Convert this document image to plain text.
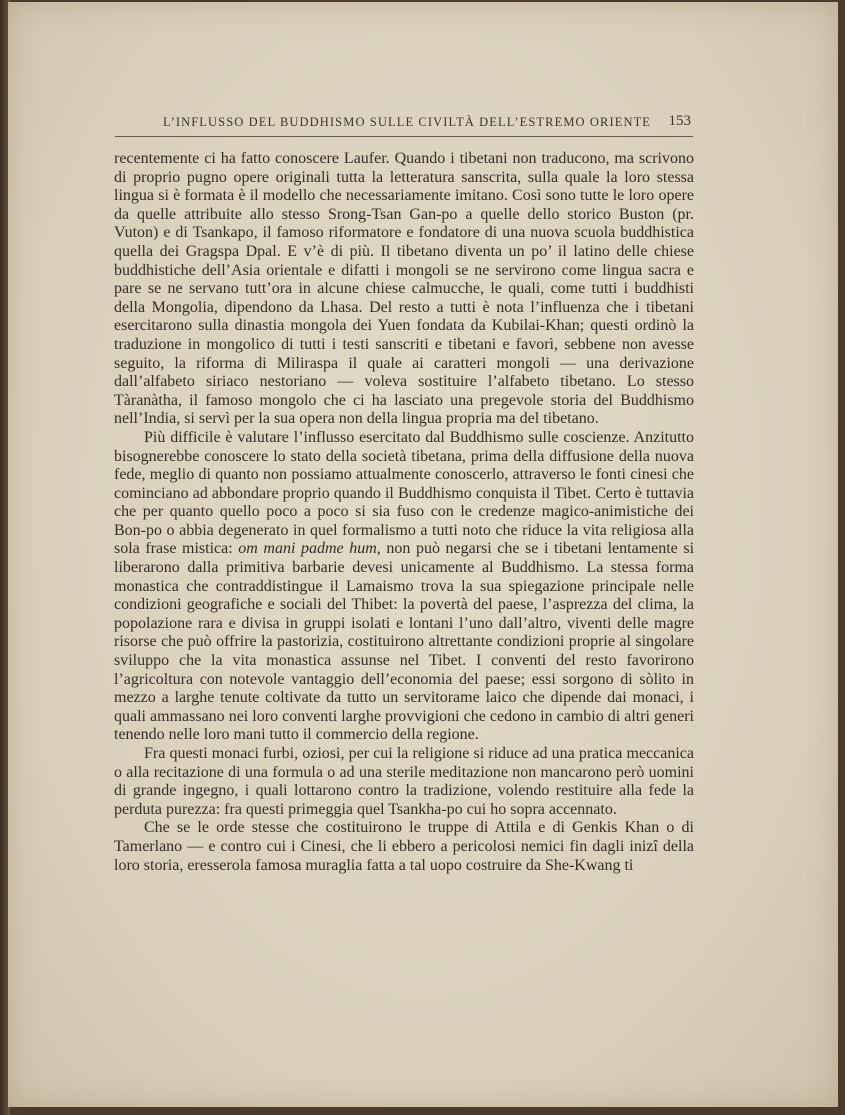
L’INFLUSSO DEL BUDDHISMO SULLE CIVILTÀ DELL’ESTREMO ORIENTE 153

recentemente ci ha fatto conoscere Laufer. Quando i tibetani non traducono, ma scrivono di proprio pugno opere originali tutta la letteratura sanscrita, sulla quale la loro stessa lingua si è formata è il modello che necessariamente imitano. Così sono tutte le loro opere da quelle attribuite allo stesso Srong-Tsan Gan-po a quelle dello storico Buston (pr. Vuton) e di Tsankapo, il famoso riformatore e fondatore di una nuova scuola buddhistica quella dei Gragspa Dpal. E v’è di più. Il tibetano diventa un po’ il latino delle chiese buddhistiche dell’Asia orientale e difatti i mongoli se ne servirono come lingua sacra e pare se ne servano tutt’ora in alcune chiese calmucche, le quali, come tutti i buddhisti della Mongolia, dipendono da Lhasa. Del resto a tutti è nota l’influenza che i tibetani esercitarono sulla dinastia mongola dei Yuen fondata da Kubilai-Khan; questi ordinò la traduzione in mongolico di tutti i testi sanscriti e tibetani e favorì, sebbene non avesse seguito, la riforma di Miliraspa il quale ai caratteri mongoli — una derivazione dall’alfabeto siriaco nestoriano — voleva sostituire l’alfabeto tibetano. Lo stesso Tàranàtha, il famoso mongolo che ci ha lasciato una pregevole storia del Buddhismo nell’India, si servì per la sua opera non della lingua propria ma del tibetano.

Più difficile è valutare l’influsso esercitato dal Buddhismo sulle coscienze. Anzitutto bisognerebbe conoscere lo stato della società tibetana, prima della diffusione della nuova fede, meglio di quanto non possiamo attualmente conoscerlo, attraverso le fonti cinesi che cominciano ad abbondare proprio quando il Buddhismo conquista il Tibet. Certo è tuttavia che per quanto quello poco a poco si sia fuso con le credenze magico-animistiche dei Bon-po o abbia degenerato in quel formalismo a tutti noto che riduce la vita religiosa alla sola frase mistica: om mani padme hum, non può negarsi che se i tibetani lentamente si liberarono dalla primitiva barbarie devesi unicamente al Buddhismo. La stessa forma monastica che contraddistingue il Lamaismo trova la sua spiegazione principale nelle condizioni geografiche e sociali del Thibet: la povertà del paese, l’asprezza del clima, la popolazione rara e divisa in gruppi isolati e lontani l’uno dall’altro, viventi delle magre risorse che può offrire la pastorizia, costituirono altrettante condizioni proprie al singolare sviluppo che la vita monastica assunse nel Tibet. I conventi del resto favorirono l’agricoltura con notevole vantaggio dell’economia del paese; essi sorgono di sòlito in mezzo a larghe tenute coltivate da tutto un servitorame laico che dipende dai monaci, i quali ammassano nei loro conventi larghe provvigioni che cedono in cambio di altri generi tenendo nelle loro mani tutto il commercio della regione.

Fra questi monaci furbi, oziosi, per cui la religione si riduce ad una pratica meccanica o alla recitazione di una formula o ad una sterile meditazione non mancarono però uomini di grande ingegno, i quali lottarono contro la tradizione, volendo restituire alla fede la perduta purezza: fra questi primeggia quel Tsankha-po cui ho sopra accennato.

Che se le orde stesse che costituirono le truppe di Attila e di Genkis Khan o di Tamerlano — e contro cui i Cinesi, che li ebbero a pericolosi nemici fin dagli inizî della loro storia, eresserola famosa muraglia fatta a tal uopo costruire da She-Kwang ti
